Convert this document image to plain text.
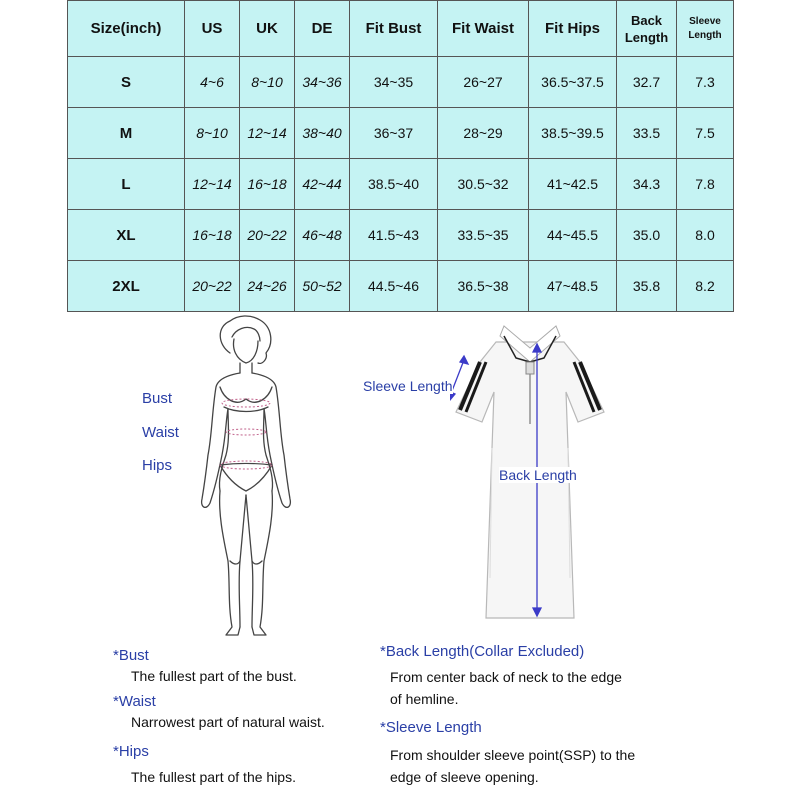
Size(inch)	US	UK	DE	Fit Bust	Fit Waist	Fit Hips	Back Length	Sleeve Length
S	4~6	8~10	34~36	34~35	26~27	36.5~37.5	32.7	7.3
M	8~10	12~14	38~40	36~37	28~29	38.5~39.5	33.5	7.5
L	12~14	16~18	42~44	38.5~40	30.5~32	41~42.5	34.3	7.8
XL	16~18	20~22	46~48	41.5~43	33.5~35	44~45.5	35.0	8.0
2XL	20~22	24~26	50~52	44.5~46	36.5~38	47~48.5	35.8	8.2
Bust
Waist
Hips
Sleeve Length
Back Length
*Bust
The fullest part of the bust.
*Waist
Narrowest part of natural waist.
*Hips
The fullest part of the hips.
*Back Length(Collar Excluded)
From center back of neck to the edge
of hemline.
*Sleeve Length
From shoulder sleeve point(SSP) to the
edge of sleeve opening.
